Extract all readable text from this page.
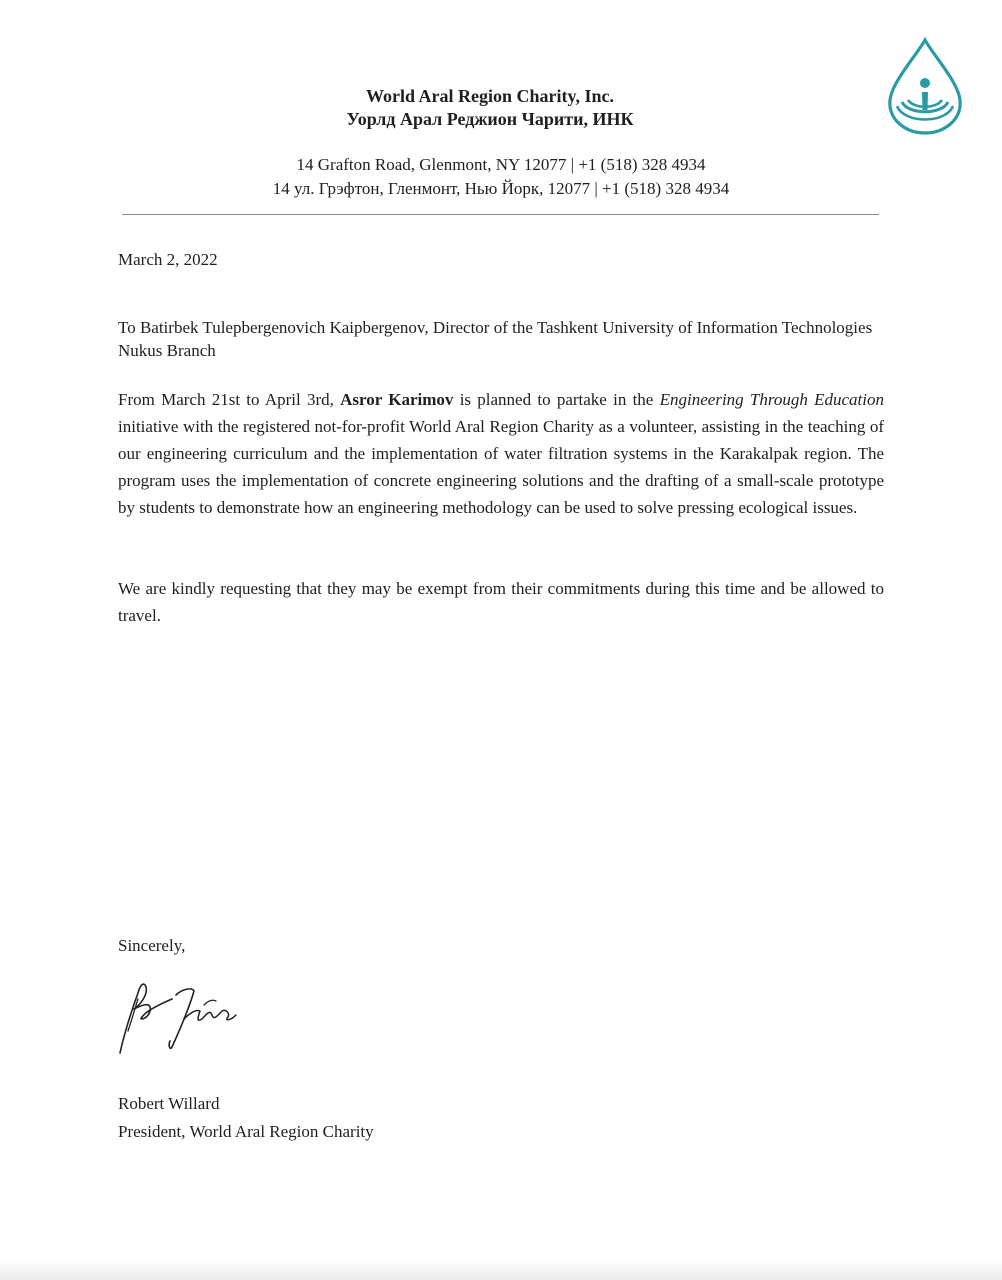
World Aral Region Charity, Inc.
Уорлд Арал Реджион Чарити, ИНК
14 Grafton Road, Glenmont, NY 12077 | +1 (518) 328 4934
14 ул. Грэфтон, Гленмонт, Нью Йорк, 12077 | +1 (518) 328 4934
March 2, 2022
To Batirbek Tulepbergenovich Kaipbergenov, Director of the Tashkent University of Information Technologies Nukus Branch
From March 21st to April 3rd, Asror Karimov is planned to partake in the Engineering Through Education initiative with the registered not-for-profit World Aral Region Charity as a volunteer, assisting in the teaching of our engineering curriculum and the implementation of water filtration systems in the Karakalpak region. The program uses the implementation of concrete engineering solutions and the drafting of a small-scale prototype by students to demonstrate how an engineering methodology can be used to solve pressing ecological issues.
We are kindly requesting that they may be exempt from their commitments during this time and be allowed to travel.
Sincerely,
Robert Willard
President, World Aral Region Charity
